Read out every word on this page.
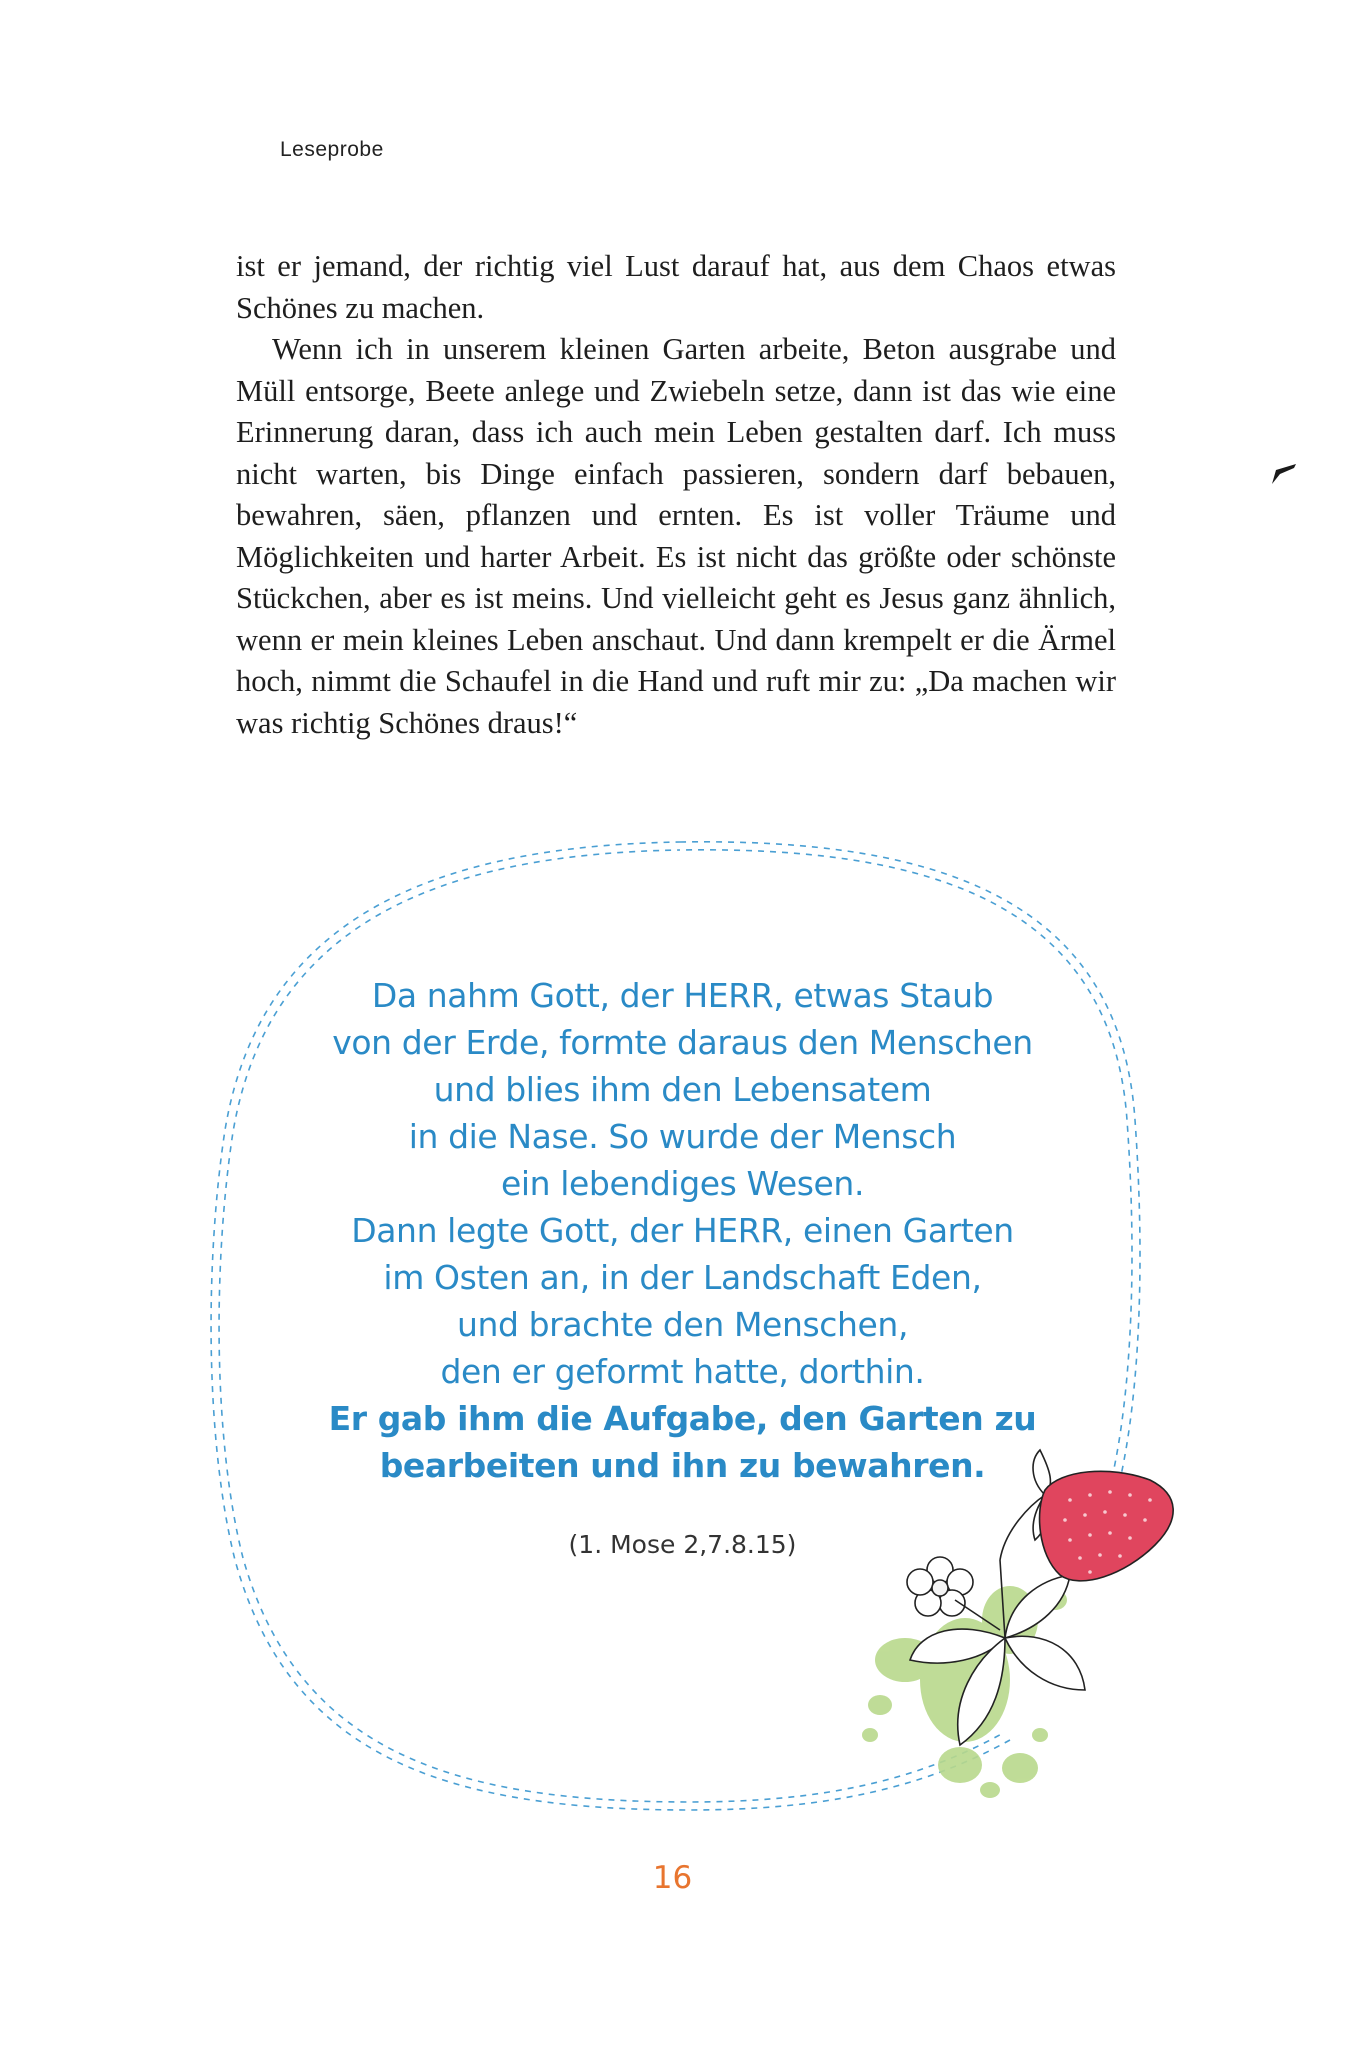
Leseprobe

ist er jemand, der richtig viel Lust darauf hat, aus dem Chaos etwas Schönes zu machen.

Wenn ich in unserem kleinen Garten arbeite, Beton ausgrabe und Müll entsorge, Beete anlege und Zwiebeln setze, dann ist das wie eine Erinnerung daran, dass ich auch mein Leben gestalten darf. Ich muss nicht warten, bis Dinge einfach passieren, sondern darf bebauen, bewahren, säen, pflanzen und ernten. Es ist voller Träume und Möglichkeiten und harter Arbeit. Es ist nicht das größte oder schönste Stückchen, aber es ist meins. Und vielleicht geht es Jesus ganz ähnlich, wenn er mein kleines Leben anschaut. Und dann krempelt er die Ärmel hoch, nimmt die Schaufel in die Hand und ruft mir zu: „Da machen wir was richtig Schönes draus!“

Da nahm Gott, der HERR, etwas Staub
von der Erde, formte daraus den Menschen
und blies ihm den Lebensatem
in die Nase. So wurde der Mensch
ein lebendiges Wesen.
Dann legte Gott, der HERR, einen Garten
im Osten an, in der Landschaft Eden,
und brachte den Menschen,
den er geformt hatte, dorthin.
Er gab ihm die Aufgabe, den Garten zu
bearbeiten und ihn zu bewahren.
(1. Mose 2,7.8.15)
16
